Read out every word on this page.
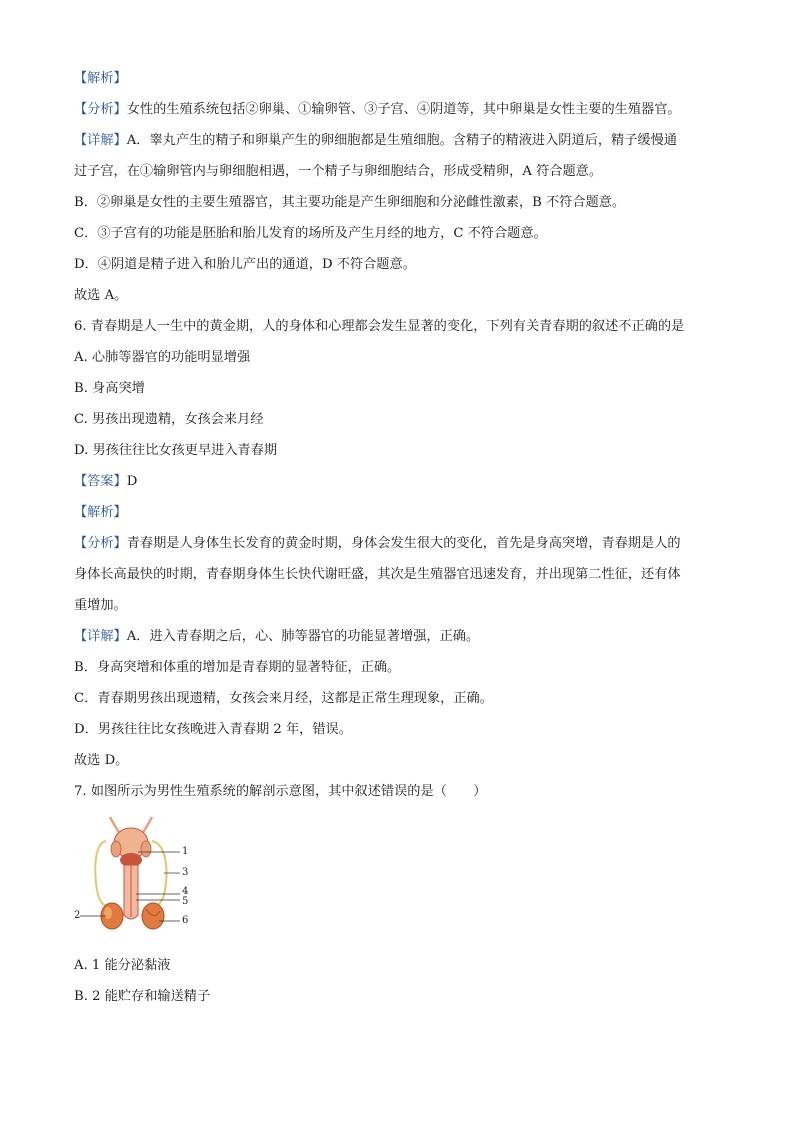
【解析】
【分析】女性的生殖系统包括②卵巢、①输卵管、③子宫、④阴道等，其中卵巢是女性主要的生殖器官。
【详解】A．睾丸产生的精子和卵巢产生的卵细胞都是生殖细胞。含精子的精液进入阴道后，精子缓慢通
过子宫，在①输卵管内与卵细胞相遇，一个精子与卵细胞结合，形成受精卵，A 符合题意。
B．②卵巢是女性的主要生殖器官，其主要功能是产生卵细胞和分泌雌性激素，B 不符合题意。
C．③子宫有的功能是胚胎和胎儿发育的场所及产生月经的地方，C 不符合题意。
D．④阴道是精子进入和胎儿产出的通道，D 不符合题意。
故选 A。
6. 青春期是人一生中的黄金期，人的身体和心理都会发生显著的变化，下列有关青春期的叙述不正确的是
A. 心肺等器官的功能明显增强
B. 身高突增
C. 男孩出现遗精，女孩会来月经
D. 男孩往往比女孩更早进入青春期
【答案】D
【解析】
【分析】青春期是人身体生长发育的黄金时期，身体会发生很大的变化，首先是身高突增，青春期是人的
身体长高最快的时期，青春期身体生长快代谢旺盛，其次是生殖器官迅速发育，并出现第二性征，还有体
重增加。
【详解】A．进入青春期之后，心、肺等器官的功能显著增强，正确。
B．身高突增和体重的增加是青春期的显著特征，正确。
C．青春期男孩出现遗精，女孩会来月经，这都是正常生理现象，正确。
D．男孩往往比女孩晚进入青春期 2 年，错误。
故选 D。
7. 如图所示为男性生殖系统的解剖示意图，其中叙述错误的是（　　）
1
3
4
5
2	6
A. 1 能分泌黏液
B. 2 能贮存和输送精子
